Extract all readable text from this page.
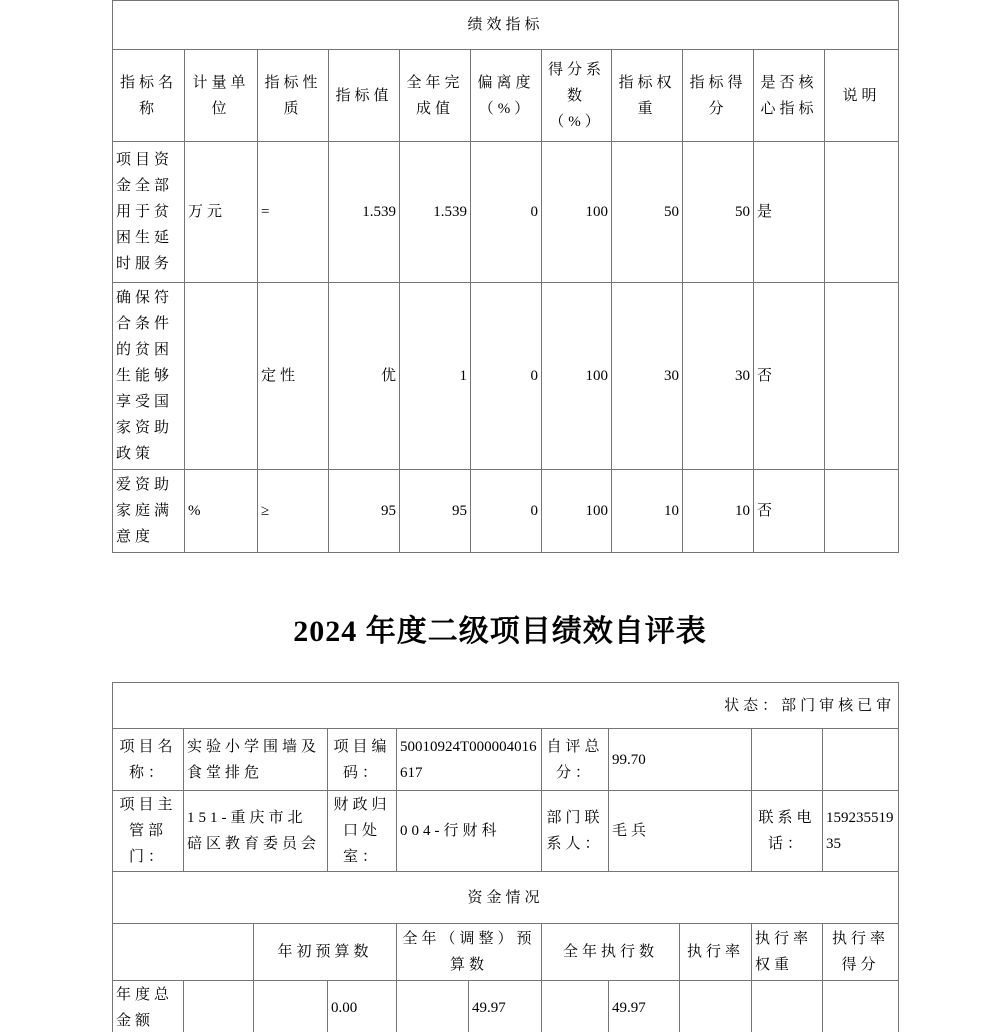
绩效指标										
指标名称	计量单位	指标性质	指标值	全年完成值	偏离度（%）	得分系数（%）	指标权重	指标得分	是否核心指标	说明
项目资金全部用于贫困生延时服务	万元	=	1.539	1.539	0	100	50	50	是	
确保符合条件的贫困生能够享受国家资助政策		定性	优	1	0	100	30	30	否	
爱资助家庭满意度	%	≥	95	95	0	100	10	10	否	
2024 年度二级项目绩效自评表
状态：部门审核已审										
项目名称：	实验小学围墙及食堂排危		项目编码：	50010924T000004016617		自评总分：	99.70			
项目主管部门：	151-重庆市北碚区教育委员会		财政归口处室：	004-行财科		部门联系人：	毛兵		联系电话：	15923551935
资金情况										
		年初预算数		全年（调整）预算数		全年执行数		执行率	执行率权重	执行率得分
年度总金额			0.00		49.97		49.97			
